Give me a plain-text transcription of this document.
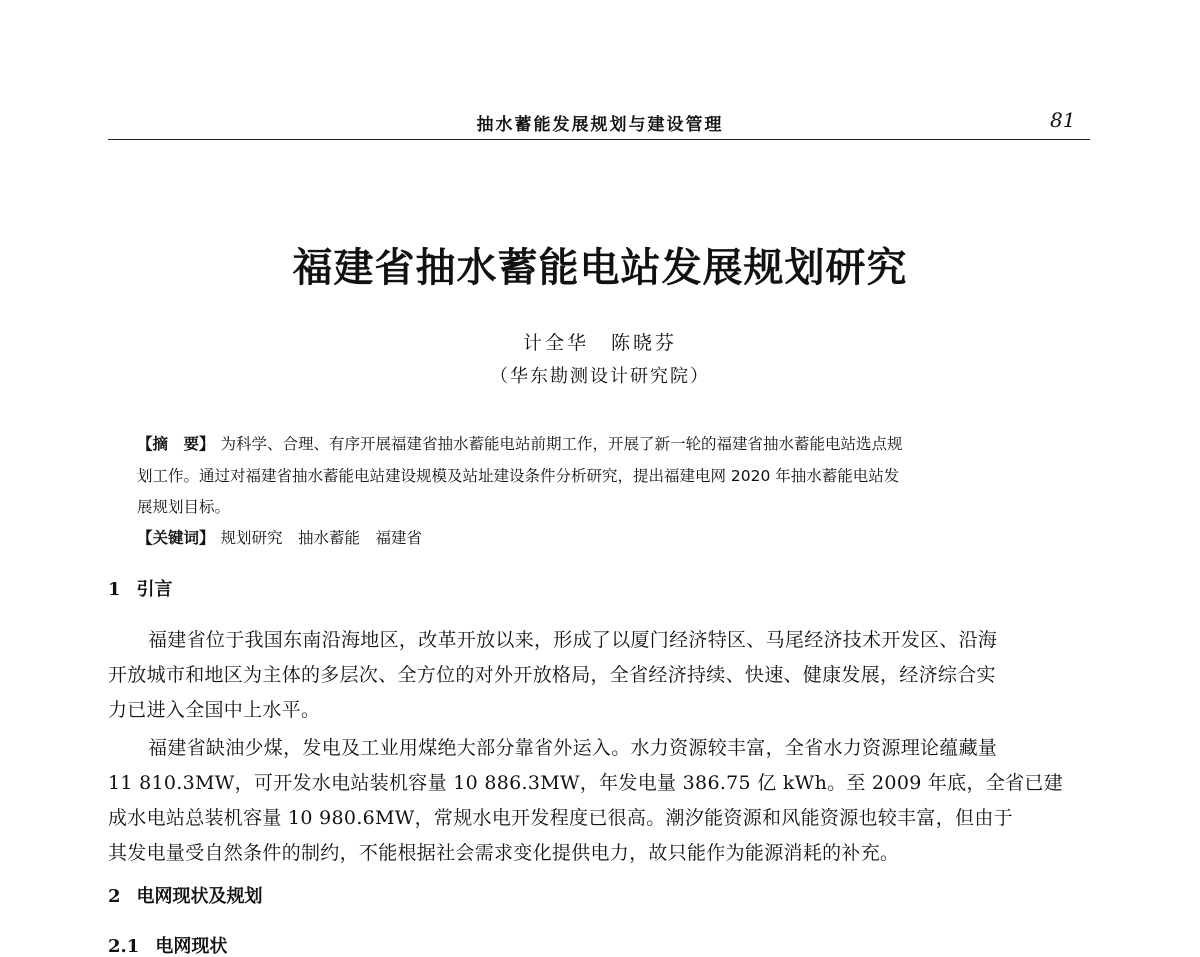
抽水蓄能发展规划与建设管理	81
福建省抽水蓄能电站发展规划研究
计全华　陈晓芬
（华东勘测设计研究院）
【摘　要】 为科学、合理、有序开展福建省抽水蓄能电站前期工作，开展了新一轮的福建省抽水蓄能电站选点规
划工作。通过对福建省抽水蓄能电站建设规模及站址建设条件分析研究，提出福建电网 2020 年抽水蓄能电站发
展规划目标。
【关键词】 规划研究　抽水蓄能　福建省
1 引言
福建省位于我国东南沿海地区，改革开放以来，形成了以厦门经济特区、马尾经济技术开发区、沿海
开放城市和地区为主体的多层次、全方位的对外开放格局，全省经济持续、快速、健康发展，经济综合实
力已进入全国中上水平。
福建省缺油少煤，发电及工业用煤绝大部分靠省外运入。水力资源较丰富，全省水力资源理论蕴藏量
11 810.3MW，可开发水电站装机容量 10 886.3MW，年发电量 386.75 亿 kWh。至 2009 年底，全省已建
成水电站总装机容量 10 980.6MW，常规水电开发程度已很高。潮汐能资源和风能资源也较丰富，但由于
其发电量受自然条件的制约，不能根据社会需求变化提供电力，故只能作为能源消耗的补充。
2 电网现状及规划
2.1 电网现状
